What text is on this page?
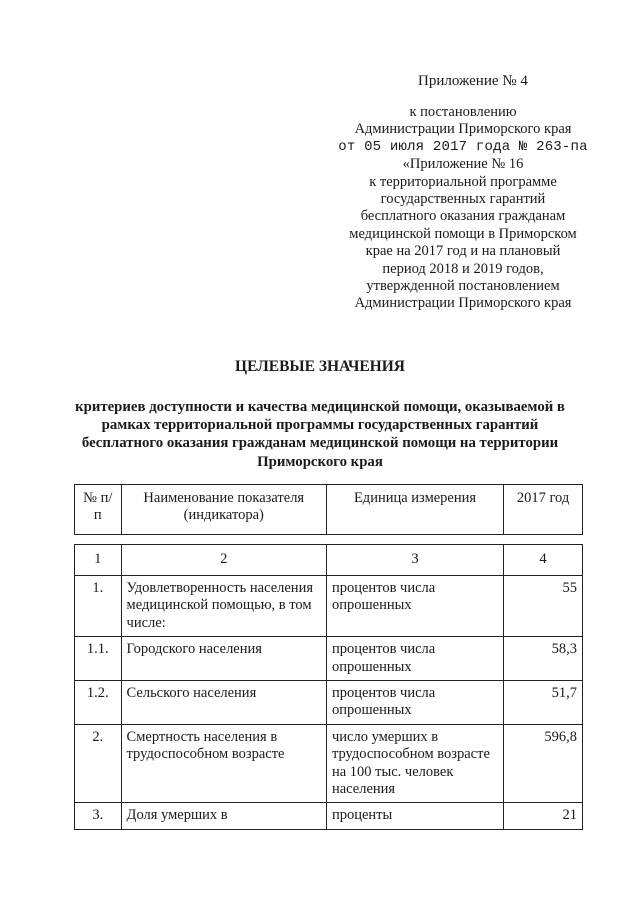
Приложение № 4
к постановлению
Администрации Приморского края
от 05 июля 2017 года № 263-па
«Приложение № 16
к территориальной программе
государственных гарантий
бесплатного оказания гражданам
медицинской помощи в Приморском
крае на 2017 год и на плановый
период 2018 и 2019 годов,
утвержденной постановлением
Администрации Приморского края
ЦЕЛЕВЫЕ ЗНАЧЕНИЯ
критериев доступности и качества медицинской помощи, оказываемой в рамках территориальной программы государственных гарантий бесплатного оказания гражданам медицинской помощи на территории Приморского края
№ п/п	Наименование показателя (индикатора)	Единица измерения	2017 год
1	2	3	4
1.	Удовлетворенность населения медицинской помощью, в том числе:	процентов числа опрошенных	55
1.1.	Городского населения	процентов числа опрошенных	58,3
1.2.	Сельского населения	процентов числа опрошенных	51,7
2.	Смертность населения в трудоспособном возрасте	число умерших в трудоспособном возрасте на 100 тыс. человек населения	596,8
3.	Доля умерших в	проценты	21
